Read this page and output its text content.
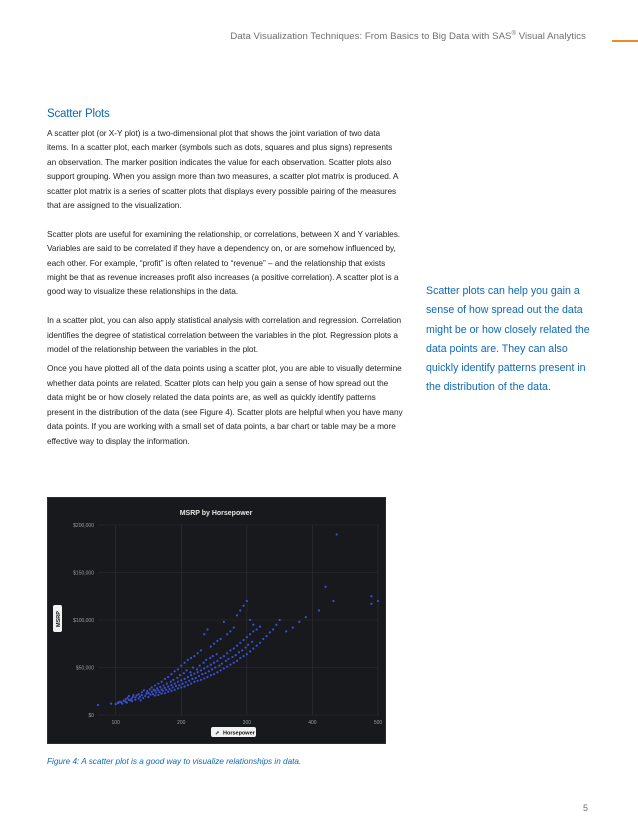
Data Visualization Techniques: From Basics to Big Data with SAS® Visual Analytics
Scatter Plots

A scatter plot (or X-Y plot) is a two-dimensional plot that shows the joint variation of two data items. In a scatter plot, each marker (symbols such as dots, squares and plus signs) represents an observation. The marker position indicates the value for each observation. Scatter plots also support grouping. When you assign more than two measures, a scatter plot matrix is produced. A scatter plot matrix is a series of scatter plots that displays every possible pairing of the measures that are assigned to the visualization.

Scatter plots are useful for examining the relationship, or correlations, between X and Y variables. Variables are said to be correlated if they have a dependency on, or are somehow influenced by, each other. For example, “profit” is often related to “revenue” – and the relationship that exists might be that as revenue increases profit also increases (a positive correlation). A scatter plot is a good way to visualize these relationships in the data.

In a scatter plot, you can also apply statistical analysis with correlation and regression. Correlation identifies the degree of statistical correlation between the variables in the plot. Regression plots a model of the relationship between the variables in the plot.

Once you have plotted all of the data points using a scatter plot, you are able to visually determine whether data points are related. Scatter plots can help you gain a sense of how spread out the data might be or how closely related the data points are, as well as quickly identify patterns present in the distribution of the data (see Figure 4). Scatter plots are helpful when you have many data points. If you are working with a small set of data points, a bar chart or table may be a more effective way to display the information.

Scatter plots can help you gain a sense of how spread out the data might be or how closely related the data points are. They can also quickly identify patterns present in the distribution of the data.
MSRP by Horsepower
$0
$50,000
$100,000
$150,000
$200,000
100	200	300	400	500
MSRP
⬈ Horsepower
Figure 4: A scatter plot is a good way to visualize relationships in data.
5
